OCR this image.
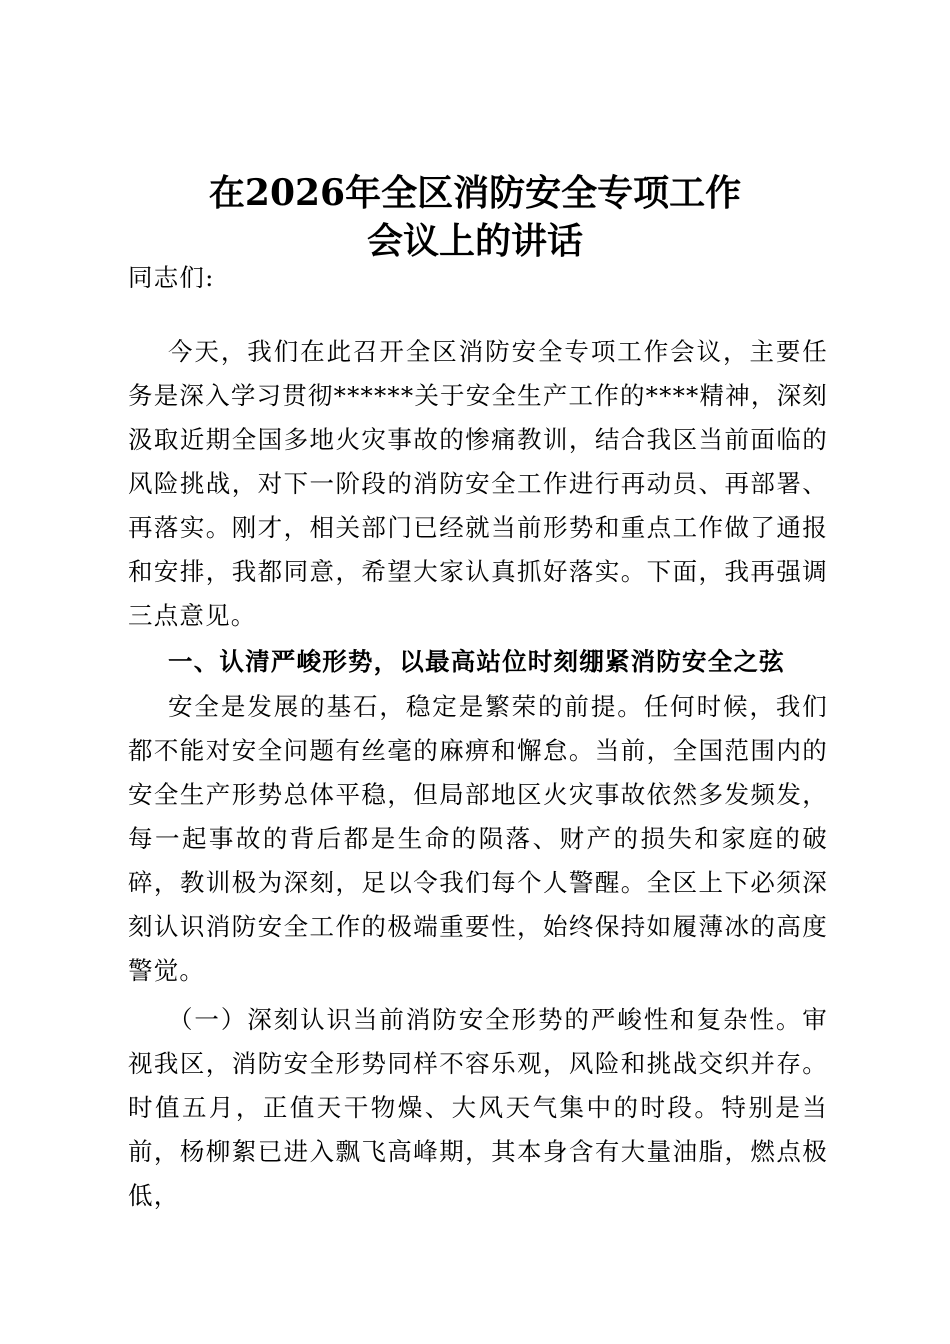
在2026年全区消防安全专项工作
会议上的讲话
同志们:
今天，我们在此召开全区消防安全专项工作会议，主要任务是深入学习贯彻******关于安全生产工作的****精神，深刻汲取近期全国多地火灾事故的惨痛教训，结合我区当前面临的风险挑战，对下一阶段的消防安全工作进行再动员、再部署、再落实。刚才，相关部门已经就当前形势和重点工作做了通报和安排，我都同意，希望大家认真抓好落实。下面，我再强调三点意见。
一、认清严峻形势，以最高站位时刻绷紧消防安全之弦
安全是发展的基石，稳定是繁荣的前提。任何时候，我们都不能对安全问题有丝毫的麻痹和懈怠。当前，全国范围内的安全生产形势总体平稳，但局部地区火灾事故依然多发频发，每一起事故的背后都是生命的陨落、财产的损失和家庭的破碎，教训极为深刻，足以令我们每个人警醒。全区上下必须深刻认识消防安全工作的极端重要性，始终保持如履薄冰的高度警觉。
（一）深刻认识当前消防安全形势的严峻性和复杂性。审视我区，消防安全形势同样不容乐观，风险和挑战交织并存。时值五月，正值天干物燥、大风天气集中的时段。特别是当前，杨柳絮已进入飘飞高峰期，其本身含有大量油脂，燃点极低，
